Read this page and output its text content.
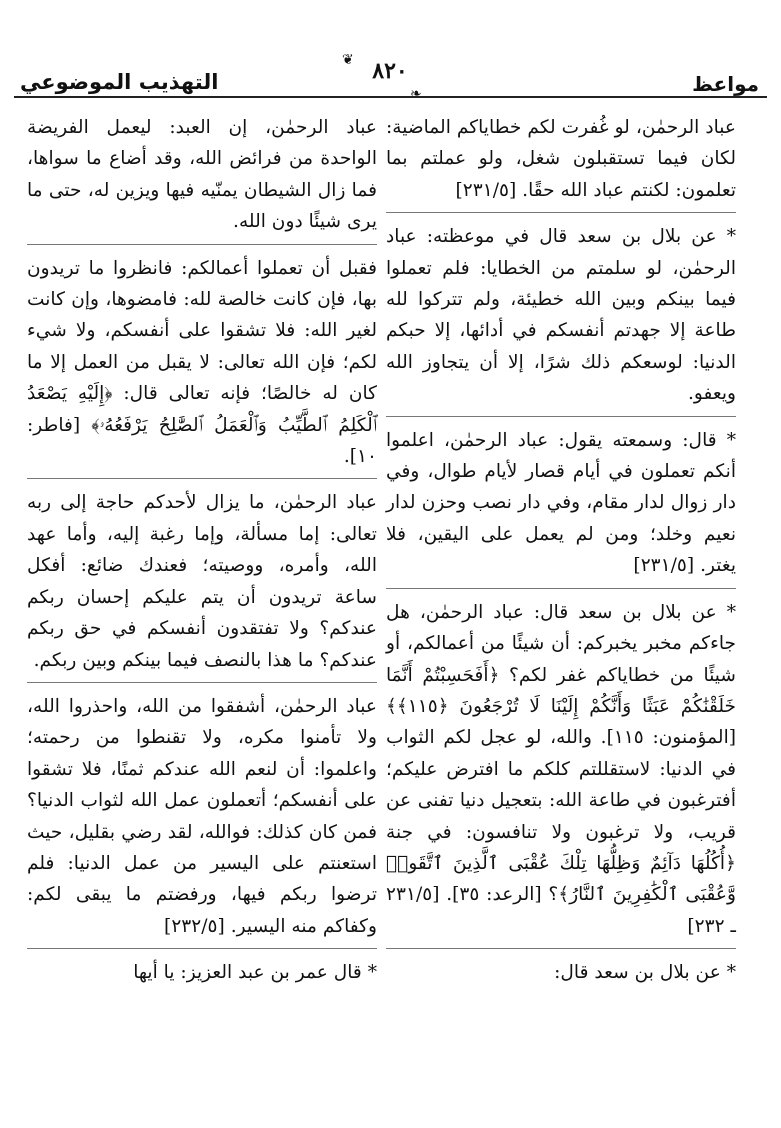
التهذيب الموضوعي
❦ ٨٢٠
❧	مواعظ

عباد الرحمٰن، لو غُفرت لكم خطاياكم الماضية: لكان فيما تستقبلون شغل، ولو عملتم بما تعلمون: لكنتم عباد الله حقًا. [٢٣١/٥]

* عن بلال بن سعد قال في موعظته: عباد الرحمٰن، لو سلمتم من الخطايا: فلم تعملوا فيما بينكم وبين الله خطيئة، ولم تتركوا لله طاعة إلا جهدتم أنفسكم في أدائها، إلا حبكم الدنيا: لوسعكم ذلك شرًا، إلا أن يتجاوز الله ويعفو.

* قال: وسمعته يقول: عباد الرحمٰن، اعلموا أنكم تعملون في أيام قصار لأيام طوال، وفي دار زوال لدار مقام، وفي دار نصب وحزن لدار نعيم وخلد؛ ومن لم يعمل على اليقين، فلا يغتر. [٢٣١/٥]

* عن بلال بن سعد قال: عباد الرحمٰن، هل جاءكم مخبر يخبركم: أن شيئًا من أعمالكم، أو شيئًا من خطاياكم غفر لكم؟ ﴿أَفَحَسِبْتُمْ أَنَّمَا خَلَقْنَٰكُمْ عَبَثًا وَأَنَّكُمْ إِلَيْنَا لَا تُرْجَعُونَ ﴿١١٥﴾﴾ [المؤمنون: ١١٥]. والله، لو عجل لكم الثواب في الدنيا: لاستقللتم كلكم ما افترض عليكم؛ أفترغبون في طاعة الله: بتعجيل دنيا تفنى عن قريب، ولا ترغبون ولا تنافسون: في جنة ﴿أُكُلُهَا دَآئِمٌ وَظِلُّهَا تِلْكَ عُقْبَى ٱلَّذِينَ ٱتَّقَوا۟ وَّعُقْبَى ٱلْكَٰفِرِينَ ٱلنَّارُ﴾؟ [الرعد: ٣٥]. [٢٣١/٥ ـ ٢٣٢]

* عن بلال بن سعد قال:

عباد الرحمٰن، إن العبد: ليعمل الفريضة الواحدة من فرائض الله، وقد أضاع ما سواها، فما زال الشيطان يمنّيه فيها ويزين له، حتى ما يرى شيئًا دون الله.

فقبل أن تعملوا أعمالكم: فانظروا ما تريدون بها، فإن كانت خالصة لله: فامضوها، وإن كانت لغير الله: فلا تشقوا على أنفسكم، ولا شيء لكم؛ فإن الله تعالى: لا يقبل من العمل إلا ما كان له خالصًا؛ فإنه تعالى قال: ﴿إِلَيْهِ يَصْعَدُ ٱلْكَلِمُ ٱلطَّيِّبُ وَٱلْعَمَلُ ٱلصَّٰلِحُ يَرْفَعُهُۥ﴾ [فاطر: ١٠].

عباد الرحمٰن، ما يزال لأحدكم حاجة إلى ربه تعالى: إما مسألة، وإما رغبة إليه، وأما عهد الله، وأمره، ووصيته؛ فعندك ضائع: أفكل ساعة تريدون أن يتم عليكم إحسان ربكم عندكم؟ ولا تفتقدون أنفسكم في حق ربكم عندكم؟ ما هذا بالنصف فيما بينكم وبين ربكم.

عباد الرحمٰن، أشفقوا من الله، واحذروا الله، ولا تأمنوا مكره، ولا تقنطوا من رحمته؛ واعلموا: أن لنعم الله عندكم ثمنًا، فلا تشقوا على أنفسكم؛ أتعملون عمل الله لثواب الدنيا؟ فمن كان كذلك: فوالله، لقد رضي بقليل، حيث استعنتم على اليسير من عمل الدنيا: فلم ترضوا ربكم فيها، ورفضتم ما يبقى لكم: وكفاكم منه اليسير. [٢٣٢/٥]

* قال عمر بن عبد العزيز: يا أيها
